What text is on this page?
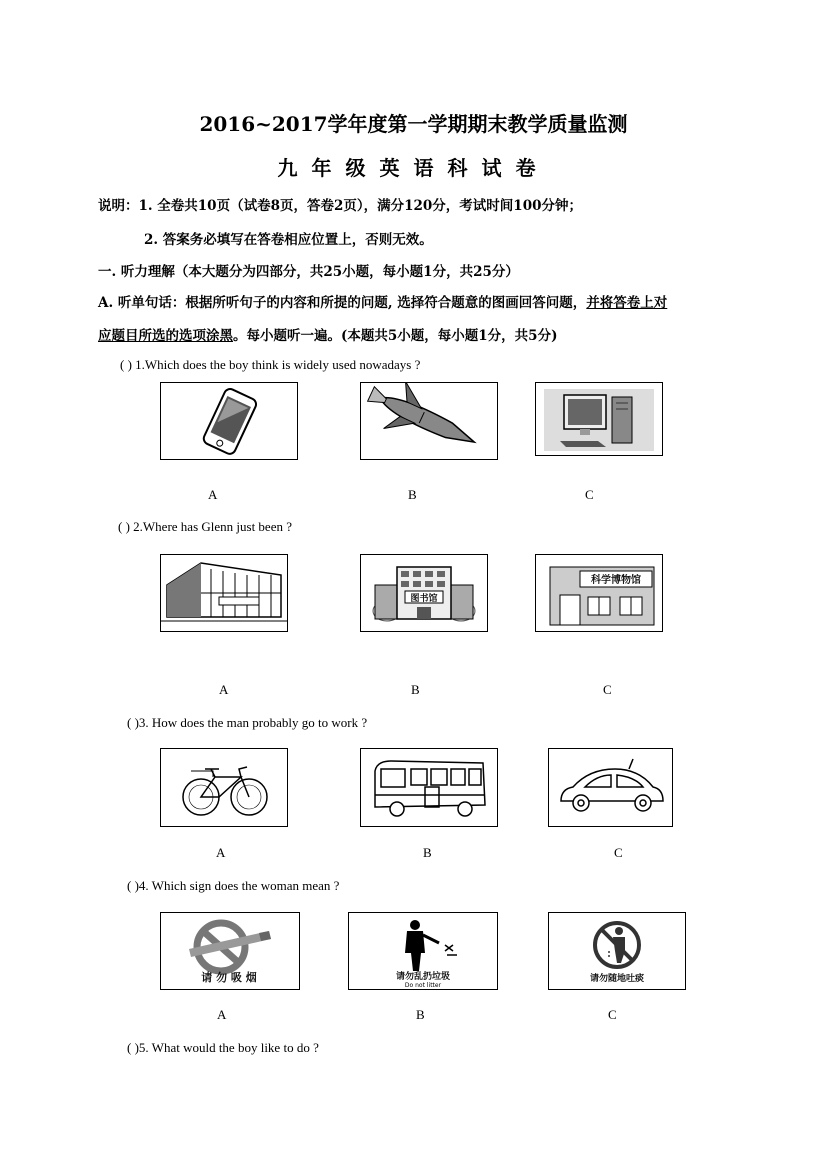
2016~2017学年度第一学期期末教学质量监测
九年级英语科试卷
说明：1. 全卷共10页（试卷8页，答卷2页），满分120分，考试时间100分钟；
2. 答案务必填写在答卷相应位置上，否则无效。
一. 听力理解（本大题分为四部分，共25小题，每小题1分，共25分）
A. 听单句话：根据所听句子的内容和所提的问题, 选择符合题意的图画回答问题，并将答卷上对
应题目所选的选项涂黑。每小题听一遍。(本题共5小题，每小题1分，共5分)
( ) 1.Which does the boy think is widely used nowadays ?
A	B	C
( ) 2.Where has Glenn just been ?
图书馆
科学博物馆
A	B	C
( )3. How does the man probably go to work ?
A	B	C
( )4. Which sign does the woman mean ?
请 勿 吸 烟	请勿乱扔垃圾
Do not litter
请勿随地吐痰
A	B	C
( )5. What would the boy like to do ?
